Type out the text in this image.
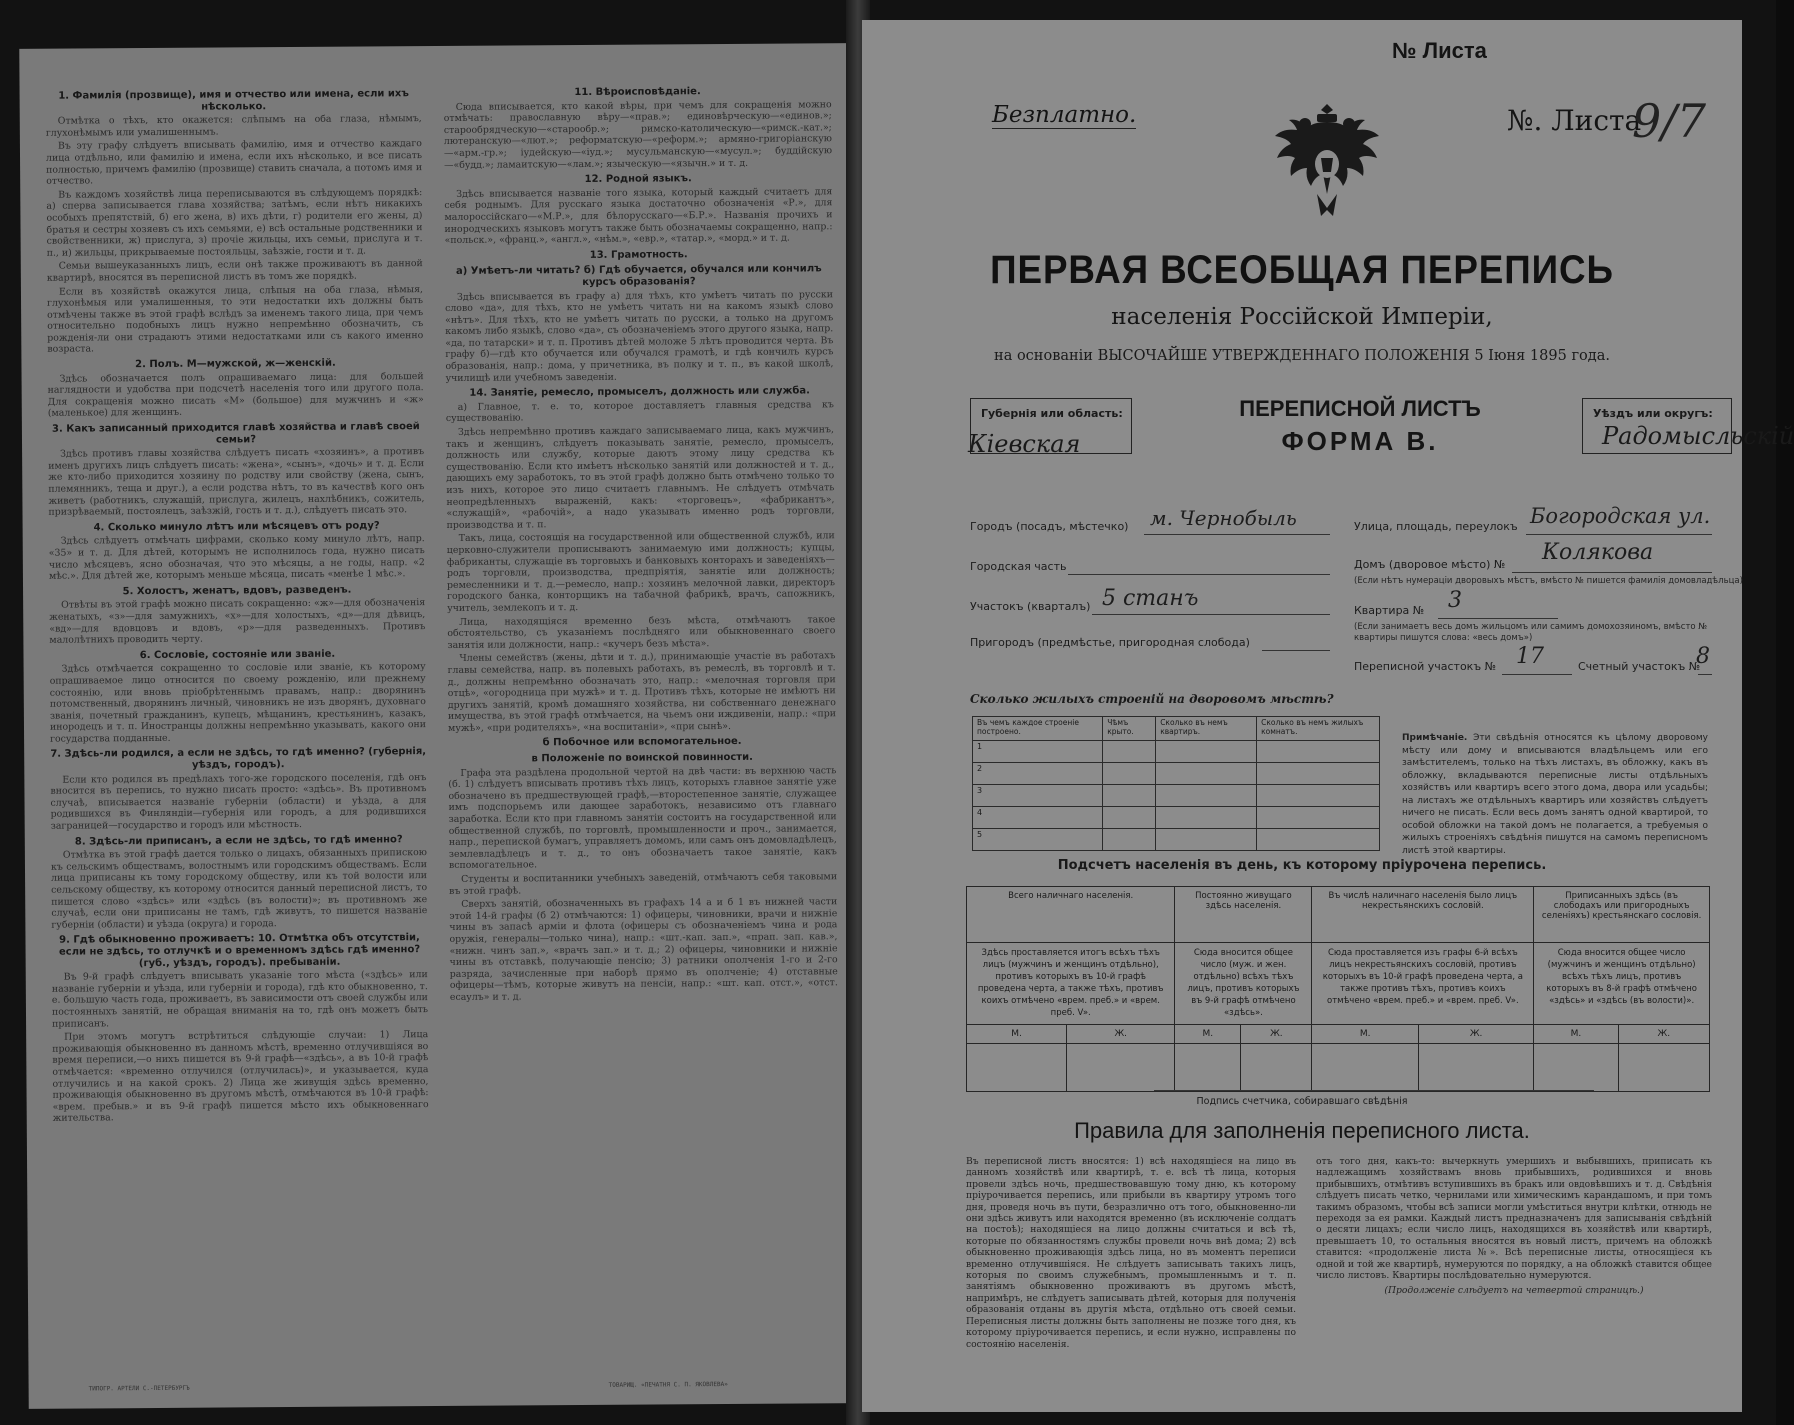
1. Фамилія (прозвище), имя и отчество или имена, если ихъ нѣсколько.

Отмѣтка о тѣхъ, кто окажется: слѣпымъ на оба глаза, нѣмымъ, глухонѣмымъ или умалишеннымъ.

Въ эту графу слѣдуетъ вписывать фамилію, имя и отчество каждаго лица отдѣльно, или фамилію и имена, если ихъ нѣсколько, и все писать полностью, причемъ фамилію (прозвище) ставить сначала, а потомъ имя и отчество.

Въ каждомъ хозяйствѣ лица переписываются въ слѣдующемъ порядкѣ: а) сперва записывается глава хозяйства; затѣмъ, если нѣтъ никакихъ особыхъ препятствій, б) его жена, в) ихъ дѣти, г) родители его жены, д) братья и сестры хозяевъ съ ихъ семьями, е) всѣ остальные родственники и свойственники, ж) прислуга, з) прочіе жильцы, ихъ семьи, прислуга и т. п., и) жильцы, прикрываемые постояльцы, заѣзжіе, гости и т. д.

Семьи вышеуказанныхъ лицъ, если онѣ также проживаютъ въ данной квартирѣ, вносятся въ переписной листъ въ томъ же порядкѣ.

Если въ хозяйствѣ окажутся лица, слѣпыя на оба глаза, нѣмыя, глухонѣмыя или умалишенныя, то эти недостатки ихъ должны быть отмѣчены также въ этой графѣ вслѣдъ за именемъ такого лица, при чемъ относительно подобныхъ лицъ нужно непремѣнно обозначить, съ рожденія-ли они страдаютъ этими недостатками или съ какого именно возраста.

2. Полъ. М—мужской, ж—женскій.

Здѣсь обозначается полъ опрашиваемаго лица: для большей наглядности и удобства при подсчетѣ населенія того или другого пола. Для сокращенія можно писать «М» (большое) для мужчинъ и «ж» (маленькое) для женщинъ.

3. Какъ записанный приходится главѣ хозяйства и главѣ своей семьи?

Здѣсь противъ главы хозяйства слѣдуетъ писать «хозяинъ», а противъ именъ другихъ лицъ слѣдуетъ писать: «жена», «сынъ», «дочь» и т. д. Если же кто-либо приходится хозяину по родству или свойству (жена, сынъ, племянникъ, теща и друг.), а если родства нѣтъ, то въ качествѣ кого онъ живетъ (работникъ, служащій, прислуга, жилецъ, нахлѣбникъ, сожитель, призрѣваемый, постоялецъ, заѣзжій, гость и т. д.), слѣдуетъ писать это.

4. Сколько минуло лѣтъ или мѣсяцевъ отъ роду?

Здѣсь слѣдуетъ отмѣчать цифрами, сколько кому минуло лѣтъ, напр. «35» и т. д. Для дѣтей, которымъ не исполнилось года, нужно писать число мѣсяцевъ, ясно обозначая, что это мѣсяцы, а не годы, напр. «2 мѣс.». Для дѣтей же, которымъ меньше мѣсяца, писать «менѣе 1 мѣс.».

5. Холостъ, женатъ, вдовъ, разведенъ.

Отвѣты въ этой графѣ можно писать сокращенно: «ж»—для обозначенія женатыхъ, «з»—для замужнихъ, «х»—для холостыхъ, «д»—для дѣвицъ, «вд»—для вдовцовъ и вдовъ, «р»—для разведенныхъ. Противъ малолѣтнихъ проводить черту.

6. Сословіе, состояніе или званіе.

Здѣсь отмѣчается сокращенно то сословіе или званіе, къ которому опрашиваемое лицо относится по своему рожденію, или прежнему состоянію, или вновь пріобрѣтеннымъ правамъ, напр.: дворянинъ потомственный, дворянинъ личный, чиновникъ не изъ дворянъ, духовнаго званія, почетный гражданинъ, купецъ, мѣщанинъ, крестьянинъ, казакъ, инородецъ и т. п. Иностранцы должны непремѣнно указывать, какого они государства подданные.

7. Здѣсь-ли родился, а если не здѣсь, то гдѣ именно? (губернія, уѣздъ, городъ).

Если кто родился въ предѣлахъ того-же городского поселенія, гдѣ онъ вносится въ перепись, то нужно писать просто: «здѣсь». Въ противномъ случаѣ, вписывается названіе губерніи (области) и уѣзда, а для родившихся въ Финляндіи—губернія или городъ, а для родившихся заграницей—государство и городъ или мѣстность.

8. Здѣсь-ли приписанъ, а если не здѣсь, то гдѣ именно?

Отмѣтка въ этой графѣ дается только о лицахъ, обязанныхъ припискою къ сельскимъ обществамъ, волостнымъ или городскимъ обществамъ. Если лица приписаны къ тому городскому обществу, или къ той волости или сельскому обществу, къ которому относится данный переписной листъ, то пишется слово «здѣсь» или «здѣсь (въ волости)»; въ противномъ же случаѣ, если они приписаны не тамъ, гдѣ живутъ, то пишется названіе губерніи (области) и уѣзда (округа) и города.

9. Гдѣ обыкновенно проживаетъ: 10. Отмѣтка объ отсутствіи, если не здѣсь, то отлучкѣ и о временномъ здѣсь гдѣ именно? (губ., уѣздъ, городъ). пребываніи.

Въ 9-й графѣ слѣдуетъ вписывать указаніе того мѣста («здѣсь» или названіе губерніи и уѣзда, или губерніи и города), гдѣ кто обыкновенно, т. е. большую часть года, проживаетъ, въ зависимости отъ своей службы или постоянныхъ занятій, не обращая вниманія на то, гдѣ онъ можетъ быть приписанъ.

При этомъ могутъ встрѣтиться слѣдующіе случаи: 1) Лица проживающія обыкновенно въ данномъ мѣстѣ, временно отлучившіяся во время переписи,—о нихъ пишется въ 9-й графѣ—«здѣсь», а въ 10-й графѣ отмѣчается: «временно отлучился (отлучилась)», и указывается, куда отлучились и на какой срокъ. 2) Лица же живущія здѣсь временно, проживающія обыкновенно въ другомъ мѣстѣ, отмѣчаются въ 10-й графѣ: «врем. пребыв.» и въ 9-й графѣ пишется мѣсто ихъ обыкновеннаго жительства.

11. Вѣроисповѣданіе.

Сюда вписывается, кто какой вѣры, при чемъ для сокращенія можно отмѣчать: православную вѣру—«прав.»; единовѣрческую—«единов.»; старообрядческую—«старообр.»; римско-католическую—«римск.-кат.»; лютеранскую—«лют.»; реформатскую—«реформ.»; армяно-григоріанскую—«арм.-гр.»; іудейскую—«іуд.»; мусульманскую—«мусул.»; буддійскую—«будд.»; ламаитскую—«лам.»; языческую—«язычн.» и т. д.

12. Родной языкъ.

Здѣсь вписывается названіе того языка, который каждый считаетъ для себя роднымъ. Для русскаго языка достаточно обозначенія «Р.», для малороссійскаго—«М.Р.», для бѣлорусскаго—«Б.Р.». Названія прочихъ и инородческихъ языковъ могутъ также быть обозначаемы сокращенно, напр.: «польск.», «франц.», «англ.», «нѣм.», «евр.», «татар.», «морд.» и т. д.

13. Грамотность.
а) Умѣетъ-ли читать? б) Гдѣ обучается, обучался или кончилъ курсъ образованія?

Здѣсь вписывается въ графу а) для тѣхъ, кто умѣетъ читать по русски слово «да», для тѣхъ, кто не умѣетъ читать ни на какомъ языкѣ слово «нѣтъ». Для тѣхъ, кто не умѣетъ читать по русски, а только на другомъ какомъ либо языкѣ, слово «да», съ обозначеніемъ этого другого языка, напр. «да, по татарски» и т. п. Противъ дѣтей моложе 5 лѣтъ проводится черта. Въ графу б)—гдѣ кто обучается или обучался грамотѣ, и гдѣ кончилъ курсъ образованія, напр.: дома, у причетника, въ полку и т. п., въ какой школѣ, училищѣ или учебномъ заведеніи.

14. Занятіе, ремесло, промыселъ, должность или служба.

а) Главное, т. е. то, которое доставляетъ главныя средства къ существованію.

Здѣсь непремѣнно противъ каждаго записываемаго лица, какъ мужчинъ, такъ и женщинъ, слѣдуетъ показывать занятіе, ремесло, промыселъ, должность или службу, которые даютъ этому лицу средства къ существованію. Если кто имѣетъ нѣсколько занятій или должностей и т. д., дающихъ ему заработокъ, то въ этой графѣ должно быть отмѣчено только то изъ нихъ, которое это лицо считаетъ главнымъ. Не слѣдуетъ отмѣчать неопредѣленныхъ выраженій, какъ: «торговецъ», «фабрикантъ», «служащій», «рабочій», а надо указывать именно родъ торговли, производства и т. п.

Такъ, лица, состоящія на государственной или общественной службѣ, или церковно-служители прописываютъ занимаемую ими должность; купцы, фабриканты, служащіе въ торговыхъ и банковыхъ конторахъ и заведеніяхъ—родъ торговли, производства, предпріятія, занятіе или должность; ремесленники и т. д.—ремесло, напр.: хозяинъ мелочной лавки, директоръ городского банка, конторщикъ на табачной фабрикѣ, врачъ, сапожникъ, учитель, землекопъ и т. д.

Лица, находящіяся временно безъ мѣста, отмѣчаютъ такое обстоятельство, съ указаніемъ послѣдняго или обыкновеннаго своего занятія или должности, напр.: «кучеръ безъ мѣста».

Члены семействъ (жены, дѣти и т. д.), принимающіе участіе въ работахъ главы семейства, напр. въ полевыхъ работахъ, въ ремеслѣ, въ торговлѣ и т. д., должны непремѣнно обозначать это, напр.: «мелочная торговля при отцѣ», «огородница при мужѣ» и т. д. Противъ тѣхъ, которые не имѣютъ ни другихъ занятій, кромѣ домашняго хозяйства, ни собственнаго денежнаго имущества, въ этой графѣ отмѣчается, на чьемъ они иждивеніи, напр.: «при мужѣ», «при родителяхъ», «на воспитаніи», «при сынѣ».

б Побочное или вспомогательное.
в Положеніе по воинской повинности.

Графа эта раздѣлена продольной чертой на двѣ части: въ верхнюю часть (б. 1) слѣдуетъ вписывать противъ тѣхъ лицъ, которыхъ главное занятіе уже обозначено въ предшествующей графѣ,—второстепенное занятіе, служащее имъ подспорьемъ или дающее заработокъ, независимо отъ главнаго заработка. Если кто при главномъ занятіи состоитъ на государственной или общественной службѣ, по торговлѣ, промышленности и проч., занимается, напр., перепиской бумагъ, управляетъ домомъ, или самъ онъ домовладѣлецъ, землевладѣлецъ и т. д., то онъ обозначаетъ такое занятіе, какъ вспомогательное.

Студенты и воспитанники учебныхъ заведеній, отмѣчаютъ себя таковыми въ этой графѣ.

Сверхъ занятій, обозначенныхъ въ графахъ 14 а и б 1 въ нижней части этой 14-й графы (б 2) отмѣчаются: 1) офицеры, чиновники, врачи и нижніе чины въ запасѣ арміи и флота (офицеры съ обозначеніемъ чина и рода оружія, генералы—только чина), напр.: «шт.-кап. зап.», «прап. зап. кав.», «нижн. чинъ зап.», «врачъ зап.» и т. д.; 2) офицеры, чиновники и нижніе чины въ отставкѣ, получающіе пенсію; 3) ратники ополченія 1-го и 2-го разряда, зачисленные при наборѣ прямо въ ополченіе; 4) отставные офицеры—тѣмъ, которые живутъ на пенсіи, напр.: «шт. кап. отст.», «отст. есаулъ» и т. д.

ТИПОГР. АРТЕЛИ С.-ПЕТЕРБУРГЪ	ТОВАРИЩ. «ПЕЧАТНЯ С. П. ЯКОВЛЕВА»
№ Листа
Безплатно.	№. Листа
9/7
ПЕРВАЯ ВСЕОБЩАЯ ПЕРЕПИСЬ
населенія Россійской Имперіи,
на основаніи ВЫСОЧАЙШЕ УТВЕРЖДЕННАГО ПОЛОЖЕНІЯ 5 Іюня 1895 года.
Губернія или область:
Кіевская
ПЕРЕПИСНОЙ ЛИСТЪ
ФОРМА В.
Уѣздъ или округъ:
Радомысльскій
Городъ (посадъ, мѣстечко) м. Чернобыль
Городская часть
Участокъ (кварталъ) 5 станъ
Пригородъ (предмѣстье, пригородная слобода)
Улица, площадь, переулокъ Богородская ул.
Домъ (дворовое мѣсто) № Колякова
(Если нѣтъ нумераціи дворовыхъ мѣстъ, вмѣсто № пишется фамилія домовладѣльца)
Квартира № 3
(Если занимаетъ весь домъ жильцомъ или самимъ домохозяиномъ, вмѣсто № квартиры пишутся слова: «весь домъ»)
Переписной участокъ № 17	Счетный участокъ №
8
Сколько жилыхъ строеній на дворовомъ мѣстѣ?
Въ чемъ каждое строеніе построено.	Чѣмъ крыто.	Сколько въ немъ квартиръ.	Сколько въ немъ жилыхъ комнатъ.
1			
2			
3			
4			
5			
Примѣчаніе. Эти свѣдѣнія относятся къ цѣлому дворовому мѣсту или дому и вписываются владѣльцемъ или его замѣстителемъ, только на тѣхъ листахъ, въ обложку, какъ въ обложку, вкладываются переписные листы отдѣльныхъ хозяйствъ или квартиръ всего этого дома, двора или усадьбы; на листахъ же отдѣльныхъ квартиръ или хозяйствъ слѣдуетъ ничего не писать. Если весь домъ занятъ одной квартирой, то особой обложки на такой домъ не полагается, а требуемыя о жилыхъ строеніяхъ свѣдѣнія пишутся на самомъ переписномъ листѣ этой квартиры.
Подсчетъ населенія въ день, къ которому пріурочена перепись.
Всего наличнаго населенія.		Постоянно живущаго здѣсь населенія.		Въ числѣ наличнаго населенія было лицъ некрестьянскихъ сословій.		Приписанныхъ здѣсь (въ слободахъ или пригородныхъ селеніяхъ) крестьянскаго сословія.	
Здѣсь проставляется итогъ всѣхъ тѣхъ лицъ (мужчинъ и женщинъ отдѣльно), противъ которыхъ въ 10-й графѣ проведена черта, а также тѣхъ, противъ коихъ отмѣчено «врем. преб.» и «врем. преб. V».		Сюда вносится общее число (муж. и жен. отдѣльно) всѣхъ тѣхъ лицъ, противъ которыхъ въ 9-й графѣ отмѣчено «здѣсь».		Сюда проставляется изъ графы 6-й всѣхъ лицъ некрестьянскихъ сословій, противъ которыхъ въ 10-й графѣ проведена черта, а также противъ тѣхъ, противъ коихъ отмѣчено «врем. преб.» и «врем. преб. V».		Сюда вносится общее число (мужчинъ и женщинъ отдѣльно) всѣхъ тѣхъ лицъ, противъ которыхъ въ 8-й графѣ отмѣчено «здѣсь» и «здѣсь (въ волости)».	
М.	Ж.	М.	Ж.	М.	Ж.	М.	Ж.

Подпись счетчика, собиравшаго свѣдѣнія
Правила для заполненія переписного листа.
Въ переписной листъ вносятся: 1) всѣ находящіеся на лицо въ данномъ хозяйствѣ или квартирѣ, т. е. всѣ тѣ лица, которыя провели здѣсь ночь, предшествовавшую тому дню, къ которому пріурочивается перепись, или прибыли въ квартиру утромъ того дня, проведя ночь въ пути, безразлично отъ того, обыкновенно-ли они здѣсь живутъ или находятся временно (въ исключеніе солдатъ на постоѣ); находящіеся на лицо должны считаться и всѣ тѣ, которые по обязанностямъ службы провели ночь внѣ дома; 2) всѣ обыкновенно проживающія здѣсь лица, но въ моментъ переписи временно отлучившіяся. Не слѣдуетъ записывать такихъ лицъ, которыя по своимъ служебнымъ, промышленнымъ и т. п. занятіямъ обыкновенно проживаютъ въ другомъ мѣстѣ, напримѣръ, не слѣдуетъ записывать дѣтей, которыя для полученія образованія отданы въ другія мѣста, отдѣльно отъ своей семьи. Переписныя листы должны быть заполнены не позже того дня, къ которому пріурочивается перепись, и если нужно, исправлены по состоянію населенія.
отъ того дня, какъ-то: вычеркнуть умершихъ и выбывшихъ, приписать къ надлежащимъ хозяйствамъ вновь прибывшихъ, родившихся и вновь прибывшихъ, отмѣтивъ вступившихъ въ бракъ или овдовѣвшихъ и т. д. Свѣдѣнія слѣдуетъ писать четко, чернилами или химическимъ карандашомъ, и при томъ такимъ образомъ, чтобы всѣ записи могли умѣститься внутри клѣтки, отнюдь не переходя за ея рамки. Каждый листъ предназначенъ для записыванія свѣдѣній о десяти лицахъ; если число лицъ, находящихся въ хозяйствѣ или квартирѣ, превышаетъ 10, то остальныя вносятся въ новый листъ, причемъ на обложкѣ ставится: «продолженіе листа №». Всѣ переписные листы, относящіеся къ одной и той же квартирѣ, нумеруются по порядку, а на обложкѣ ставится общее число листовъ. Квартиры послѣдовательно нумеруются.
(Продолженіе слѣдуетъ на четвертой страницѣ.)
